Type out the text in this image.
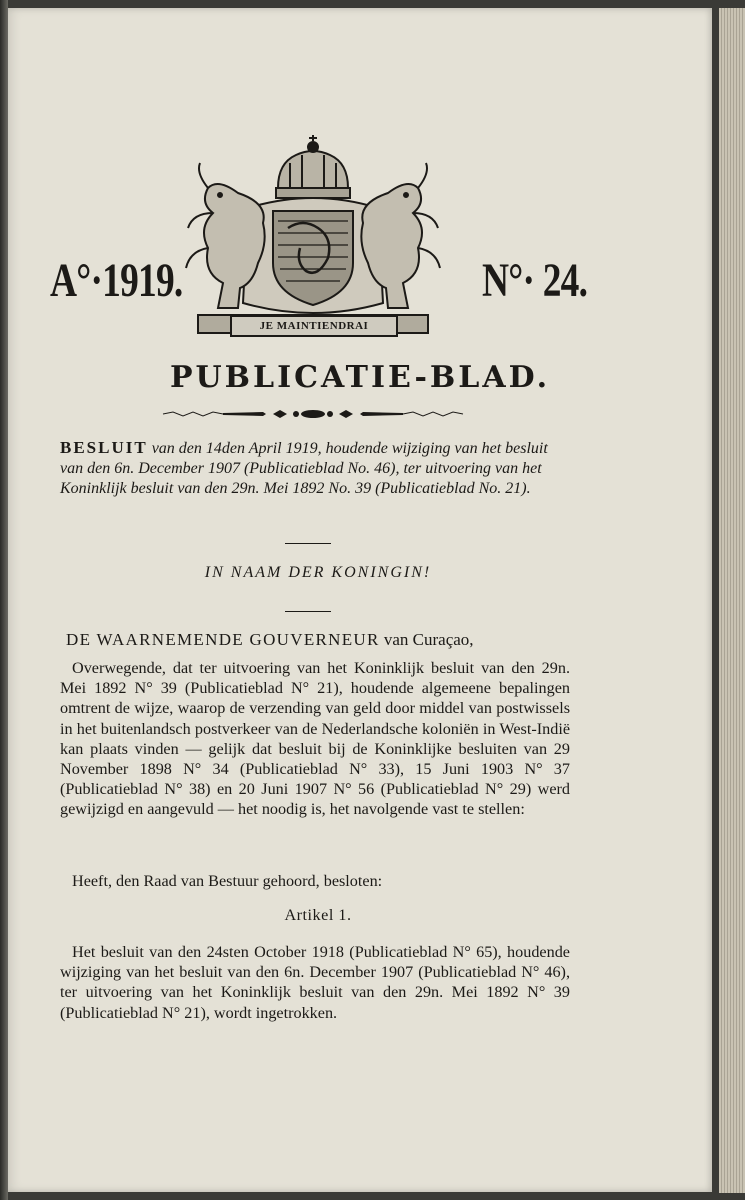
A°·1919.
JE MAINTIENDRAI
N°· 24.
PUBLICATIE-BLAD.
BESLUIT van den 14den April 1919, houdende wijziging van het besluit van den 6n. December 1907 (Publicatieblad No. 46), ter uitvoering van het Koninklijk besluit van den 29n. Mei 1892 No. 39 (Publicatieblad No. 21).
IN NAAM DER KONINGIN!
DE WAARNEMENDE GOUVERNEUR van Curaçao,
Overwegende, dat ter uitvoering van het Koninklijk besluit van den 29n. Mei 1892 N° 39 (Publicatieblad N° 21), houdende algemeene bepalingen omtrent de wijze, waarop de verzending van geld door middel van postwissels in het buitenlandsch postverkeer van de Nederlandsche koloniën in West-Indië kan plaats vinden — gelijk dat besluit bij de Koninklijke besluiten van 29 November 1898 N° 34 (Publicatieblad N° 33), 15 Juni 1903 N° 37 (Publicatieblad N° 38) en 20 Juni 1907 N° 56 (Publicatieblad N° 29) werd gewijzigd en aangevuld — het noodig is, het navolgende vast te stellen:
Heeft, den Raad van Bestuur gehoord, besloten:
Artikel 1.
Het besluit van den 24sten October 1918 (Publicatieblad N° 65), houdende wijziging van het besluit van den 6n. December 1907 (Publicatieblad N° 46), ter uitvoering van het Koninklijk besluit van den 29n. Mei 1892 N° 39 (Publicatieblad N° 21), wordt ingetrokken.
